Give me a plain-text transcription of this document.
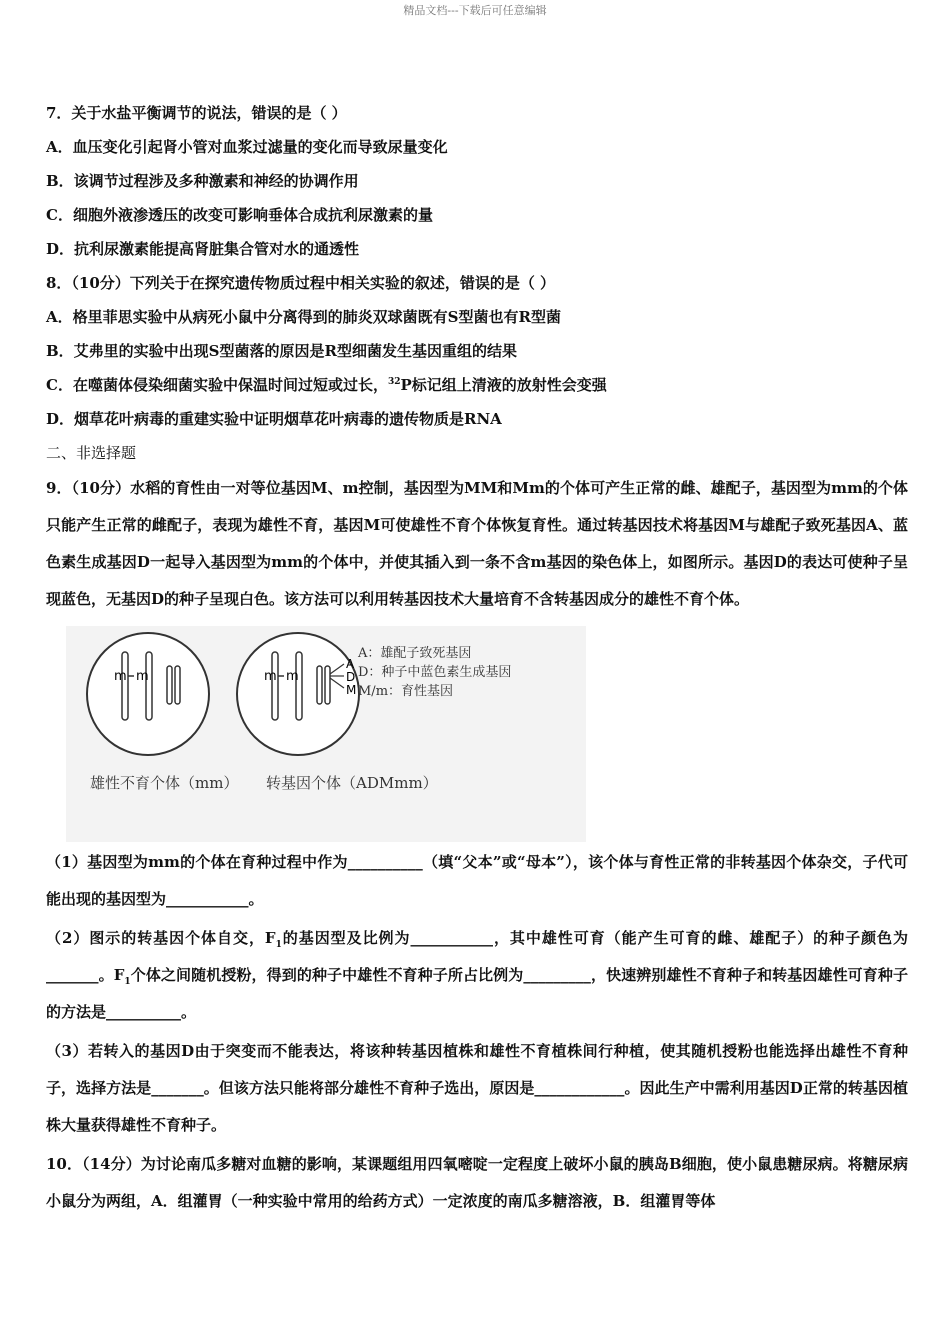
精品文档---下载后可任意编辑
7．关于水盐平衡调节的说法，错误的是（ ）
A．血压变化引起肾小管对血浆过滤量的变化而导致尿量变化
B．该调节过程涉及多种激素和神经的协调作用
C．细胞外液渗透压的改变可影响垂体合成抗利尿激素的量
D．抗利尿激素能提高肾脏集合管对水的通透性
8．（10分）下列关于在探究遗传物质过程中相关实验的叙述，错误的是（ ）
A．格里菲思实验中从病死小鼠中分离得到的肺炎双球菌既有S型菌也有R型菌
B．艾弗里的实验中出现S型菌落的原因是R型细菌发生基因重组的结果
C．在噬菌体侵染细菌实验中保温时间过短或过长，$^{32}$P标记组上清液的放射性会变强
D．烟草花叶病毒的重建实验中证明烟草花叶病毒的遗传物质是RNA
二、非选择题
9．（10分）水稻的育性由一对等位基因M、m控制，基因型为MM和Mm的个体可产生正常的雌、雄配子，基因型为mm的个体只能产生正常的雌配子，表现为雄性不育，基因M可使雄性不育个体恢复育性。通过转基因技术将基因M与雄配子致死基因A、蓝色素生成基因D一起导入基因型为mm的个体中，并使其插入到一条不含m基因的染色体上，如图所示。基因D的表达可使种子呈现蓝色，无基因D的种子呈现白色。该方法可以利用转基因技术大量培育不含转基因成分的雄性不育个体。
m m	m m
A
D
M
A：雄配子致死基因
D：种子中蓝色素生成基因
M/m：育性基因
雄性不育个体（mm） 转基因个体（ADMmm）
（1）基因型为mm的个体在育种过程中作为__________（填“父本”或“母本”），该个体与育性正常的非转基因个体杂交，子代可能出现的基因型为___________。
（2）图示的转基因个体自交，$F_1$的基因型及比例为___________，其中雄性可育（能产生可育的雌、雄配子）的种子颜色为_______。$F_1$个体之间随机授粉，得到的种子中雄性不育种子所占比例为_________，快速辨别雄性不育种子和转基因雄性可育种子的方法是__________。
（3）若转入的基因D由于突变而不能表达，将该种转基因植株和雄性不育植株间行种植，使其随机授粉也能选择出雄性不育种子，选择方法是_______。但该方法只能将部分雄性不育种子选出，原因是____________。因此生产中需利用基因D正常的转基因植株大量获得雄性不育种子。
10．（14分）为讨论南瓜多糖对血糖的影响，某课题组用四氧嘧啶一定程度上破坏小鼠的胰岛B细胞，使小鼠患糖尿病。将糖尿病小鼠分为两组，A．组灌胃（一种实验中常用的给药方式）一定浓度的南瓜多糖溶液，B．组灌胃等体
